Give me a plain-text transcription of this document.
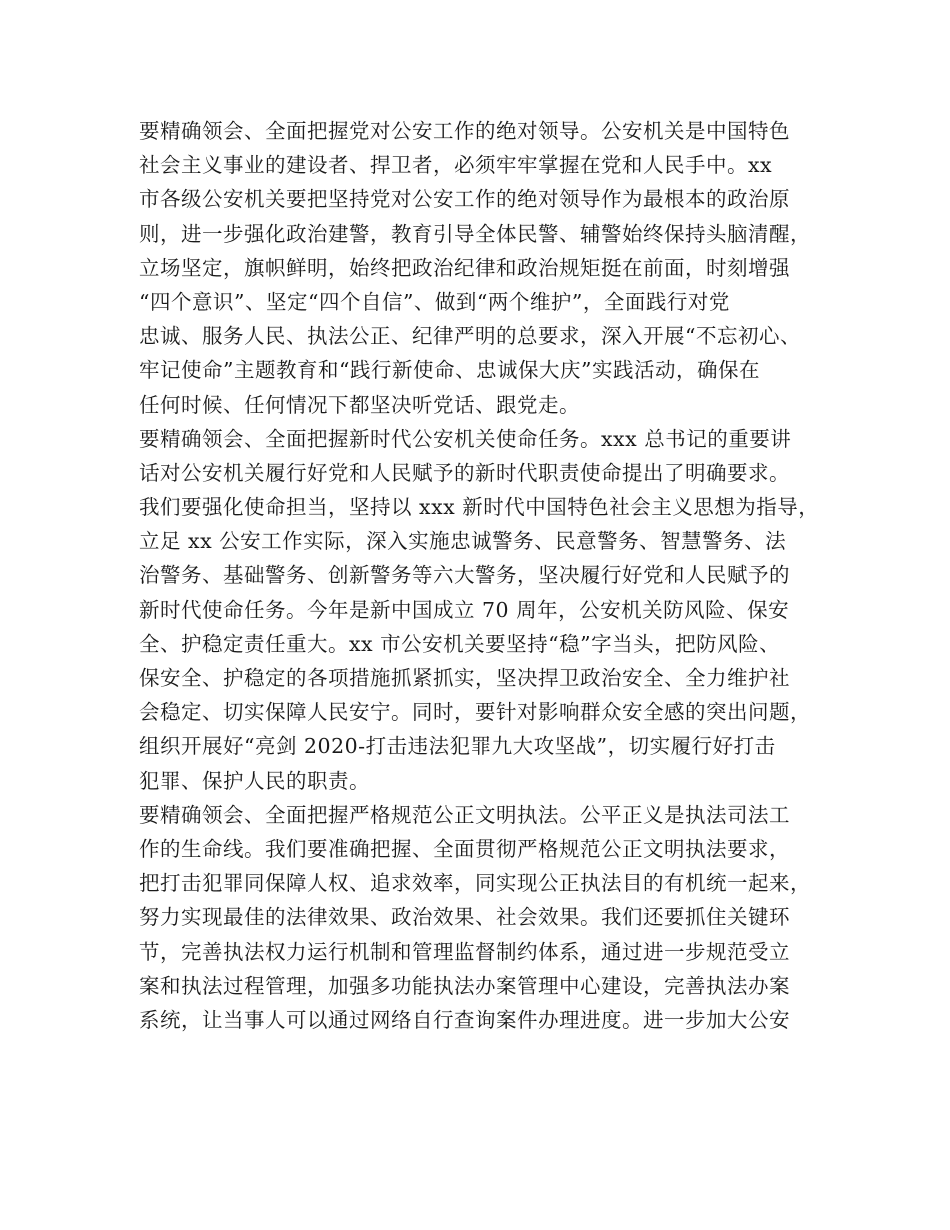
要精确领会、全面把握党对公安工作的绝对领导。公安机关是中国特色
社会主义事业的建设者、捍卫者，必须牢牢掌握在党和人民手中。xx
市各级公安机关要把坚持党对公安工作的绝对领导作为最根本的政治原
则，进一步强化政治建警，教育引导全体民警、辅警始终保持头脑清醒，
立场坚定，旗帜鲜明，始终把政治纪律和政治规矩挺在前面，时刻增强
“四个意识”、坚定“四个自信”、做到“两个维护”，全面践行对党
忠诚、服务人民、执法公正、纪律严明的总要求，深入开展“不忘初心、
牢记使命”主题教育和“践行新使命、忠诚保大庆”实践活动，确保在
任何时候、任何情况下都坚决听党话、跟党走。

要精确领会、全面把握新时代公安机关使命任务。xxx 总书记的重要讲
话对公安机关履行好党和人民赋予的新时代职责使命提出了明确要求。
我们要强化使命担当，坚持以 xxx 新时代中国特色社会主义思想为指导，
立足 xx 公安工作实际，深入实施忠诚警务、民意警务、智慧警务、法
治警务、基础警务、创新警务等六大警务，坚决履行好党和人民赋予的
新时代使命任务。今年是新中国成立 70 周年，公安机关防风险、保安
全、护稳定责任重大。xx 市公安机关要坚持“稳”字当头，把防风险、
保安全、护稳定的各项措施抓紧抓实，坚决捍卫政治安全、全力维护社
会稳定、切实保障人民安宁。同时，要针对影响群众安全感的突出问题，
组织开展好“亮剑 2020-打击违法犯罪九大攻坚战”，切实履行好打击
犯罪、保护人民的职责。

要精确领会、全面把握严格规范公正文明执法。公平正义是执法司法工
作的生命线。我们要准确把握、全面贯彻严格规范公正文明执法要求，
把打击犯罪同保障人权、追求效率，同实现公正执法目的有机统一起来，
努力实现最佳的法律效果、政治效果、社会效果。我们还要抓住关键环
节，完善执法权力运行机制和管理监督制约体系，通过进一步规范受立
案和执法过程管理，加强多功能执法办案管理中心建设，完善执法办案
系统，让当事人可以通过网络自行查询案件办理进度。进一步加大公安
